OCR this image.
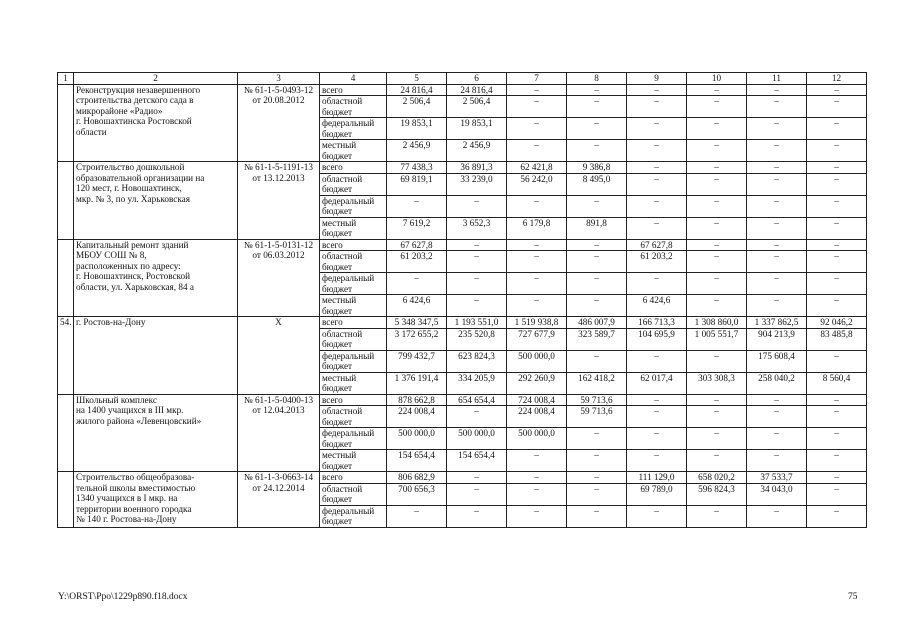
1	2	3	4	5	6	7	8	9	10	11	12
	Реконструкция незавершенного
строительства детского сада в
микрорайоне «Радио»
г. Новошахтинска Ростовской
области	№ 61-1-5-0493-12
от 20.08.2012	всего	24 816,4	24 816,4	–	–	–	–	–	–
			областной бюджет	2 506,4	2 506,4	–	–	–	–	–	–
			федеральный бюджет	19 853,1	19 853,1	–	–	–	–	–	–
			местный бюджет	2 456,9	2 456,9	–	–	–	–	–	–
	Строительство дошкольной
образовательной организации на
120 мест, г. Новошахтинск,
мкр. № 3, по ул. Харьковская	№ 61-1-5-1191-13
от 13.12.2013	всего	77 438,3	36 891,3	62 421,8	9 386,8	–	–	–	–
			областной бюджет	69 819,1	33 239,0	56 242,0	8 495,0	–	–	–	–
			федеральный бюджет	–	–	–	–	–	–	–	–
			местный бюджет	7 619,2	3 652,3	6 179,8	891,8	–	–	–	–
	Капитальный ремонт зданий
МБОУ СОШ № 8,
расположенных по адресу:
г. Новошахтинск, Ростовской
области, ул. Харьковская, 84 а	№ 61-1-5-0131-12
от 06.03.2012	всего	67 627,8	–	–	–	67 627,8	–	–	–
			областной бюджет	61 203,2	–	–	–	61 203,2	–	–	–
			федеральный бюджет	–	–	–	–	–	–	–	–
			местный бюджет	6 424,6	–	–	–	6 424,6	–	–	–
54.	г. Ростов-на-Дону	X	всего	5 348 347,5	1 193 551,0	1 519 938,8	486 007,9	166 713,3	1 308 860,0	1 337 862,5	92 046,2
			областной бюджет	3 172 655,2	235 520,8	727 677,9	323 589,7	104 695,9	1 005 551,7	904 213,9	83 485,8
			федеральный бюджет	799 432,7	623 824,3	500 000,0	–	–	–	175 608,4	–
			местный бюджет	1 376 191,4	334 205,9	292 260,9	162 418,2	62 017,4	303 308,3	258 040,2	8 560,4
	Школьный комплекс
на 1400 учащихся в III мкр.
жилого района «Левенцовский»	№ 61-1-5-0400-13
от 12.04.2013	всего	878 662,8	654 654,4	724 008,4	59 713,6	–	–	–	–
			областной бюджет	224 008,4	–	224 008,4	59 713,6	–	–	–	–
			федеральный бюджет	500 000,0	500 000,0	500 000,0	–	–	–	–	–
			местный бюджет	154 654,4	154 654,4	–	–	–	–	–	–
	Строительство общеобразова-
тельной школы вместимостью
1340 учащихся в I мкр. на
территории военного городка
№ 140 г. Ростова-на-Дону	№ 61-1-3-0663-14
от 24.12.2014	всего	806 682,9	–	–	–	111 129,0	658 020,2	37 533,7	–
			областной бюджет	700 656,3	–	–	–	69 789,0	596 824,3	34 043,0	–
			федеральный бюджет	–	–	–	–	–	–	–	–
Y:\ORST\Ppo\1229p890.f18.docx	75
